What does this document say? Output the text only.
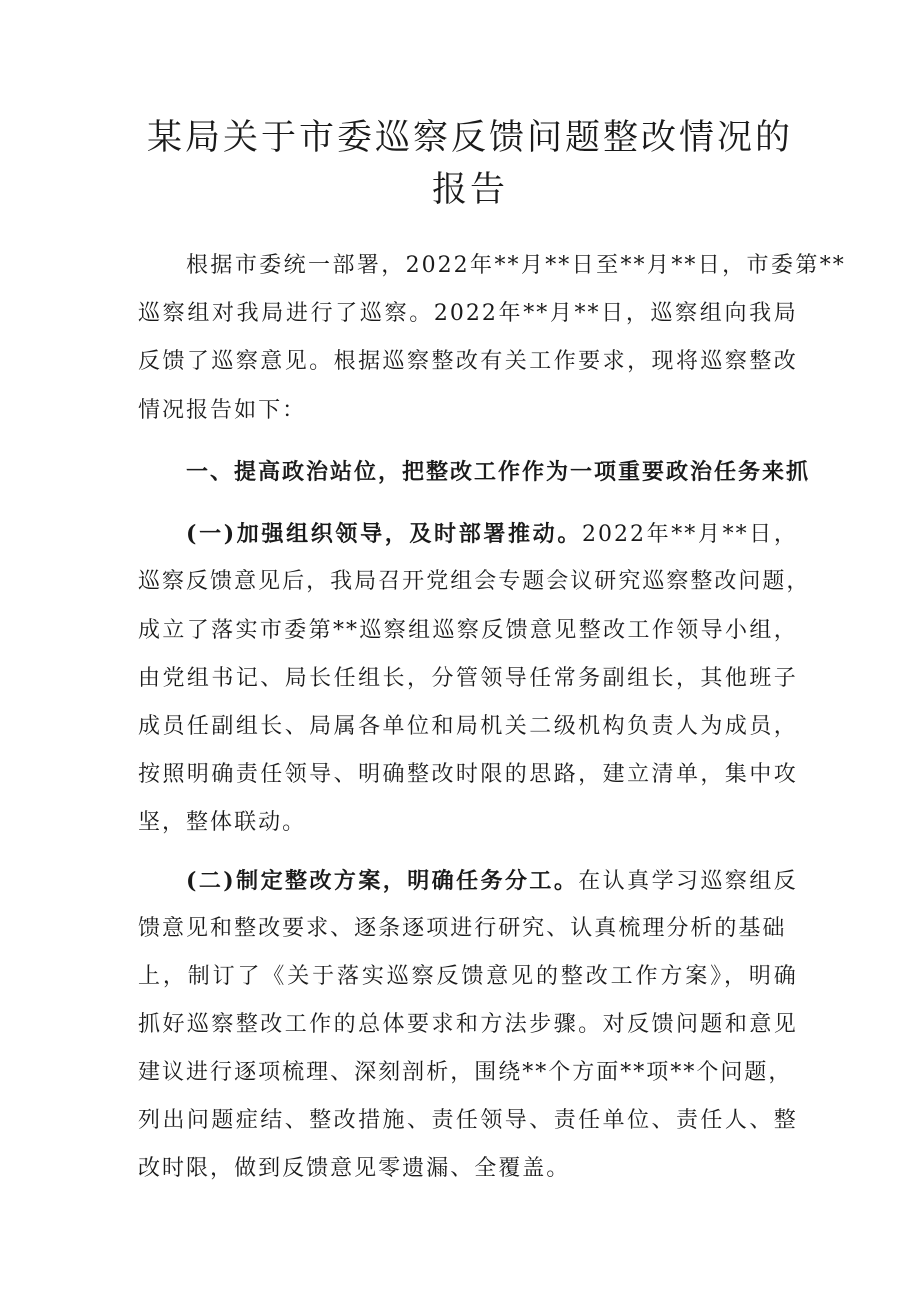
某局关于市委巡察反馈问题整改情况的报告
根据市委统一部署，2022年**月**日至**月**日，市委第**
巡察组对我局进行了巡察。2022年**月**日，巡察组向我局
反馈了巡察意见。根据巡察整改有关工作要求，现将巡察整改
情况报告如下：
一、提高政治站位，把整改工作作为一项重要政治任务来抓
(一)加强组织领导，及时部署推动。2022年**月**日，
巡察反馈意见后，我局召开党组会专题会议研究巡察整改问题，
成立了落实市委第**巡察组巡察反馈意见整改工作领导小组，
由党组书记、局长任组长，分管领导任常务副组长，其他班子
成员任副组长、局属各单位和局机关二级机构负责人为成员，
按照明确责任领导、明确整改时限的思路，建立清单，集中攻
坚，整体联动。
(二)制定整改方案，明确任务分工。在认真学习巡察组反
馈意见和整改要求、逐条逐项进行研究、认真梳理分析的基础
上，制订了《关于落实巡察反馈意见的整改工作方案》，明确
抓好巡察整改工作的总体要求和方法步骤。对反馈问题和意见
建议进行逐项梳理、深刻剖析，围绕**个方面**项**个问题，
列出问题症结、整改措施、责任领导、责任单位、责任人、整
改时限，做到反馈意见零遗漏、全覆盖。
